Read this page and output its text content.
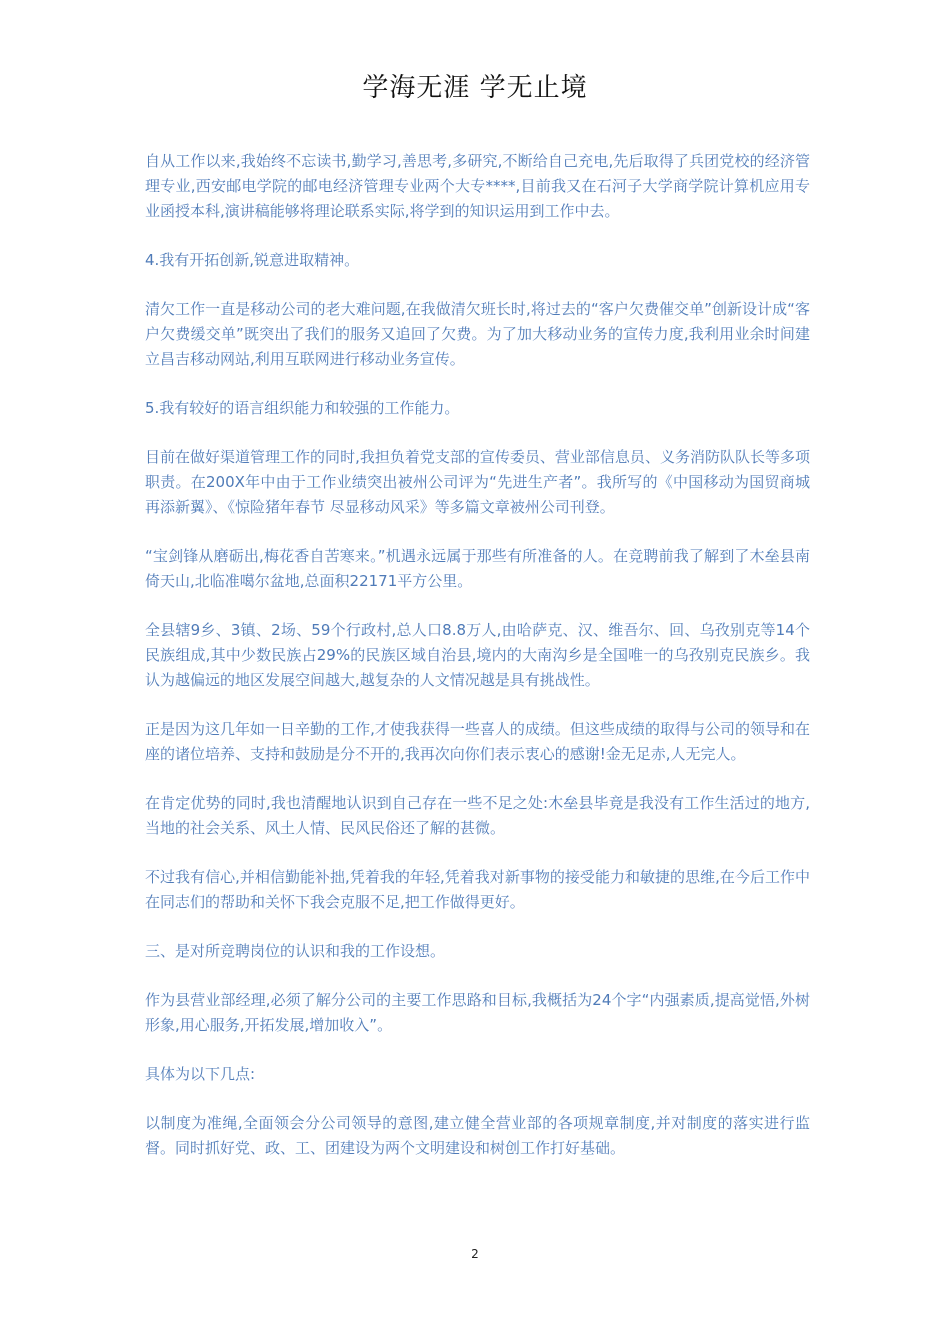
学海无涯 学无止境

自从工作以来,我始终不忘读书,勤学习,善思考,多研究,不断给自己充电,先后取得了兵团党校的经济管理专业,西安邮电学院的邮电经济管理专业两个大专****,目前我又在石河子大学商学院计算机应用专业函授本科,演讲稿能够将理论联系实际,将学到的知识运用到工作中去。

4.我有开拓创新,锐意进取精神。

清欠工作一直是移动公司的老大难问题,在我做清欠班长时,将过去的“客户欠费催交单”创新设计成“客户欠费缓交单”既突出了我们的服务又追回了欠费。为了加大移动业务的宣传力度,我利用业余时间建立昌吉移动网站,利用互联网进行移动业务宣传。

5.我有较好的语言组织能力和较强的工作能力。

目前在做好渠道管理工作的同时,我担负着党支部的宣传委员、营业部信息员、义务消防队队长等多项职责。在200X年中由于工作业绩突出被州公司评为“先进生产者”。我所写的《中国移动为国贸商城再添新翼》、《惊险猪年春节 尽显移动风采》等多篇文章被州公司刊登。

“宝剑锋从磨砺出,梅花香自苦寒来。”机遇永远属于那些有所准备的人。在竞聘前我了解到了木垒县南倚天山,北临准噶尔盆地,总面积22171平方公里。

全县辖9乡、3镇、2场、59个行政村,总人口8.8万人,由哈萨克、汉、维吾尔、回、乌孜别克等14个民族组成,其中少数民族占29%的民族区域自治县,境内的大南沟乡是全国唯一的乌孜别克民族乡。我认为越偏远的地区发展空间越大,越复杂的人文情况越是具有挑战性。

正是因为这几年如一日辛勤的工作,才使我获得一些喜人的成绩。但这些成绩的取得与公司的领导和在座的诸位培养、支持和鼓励是分不开的,我再次向你们表示衷心的感谢!金无足赤,人无完人。

在肯定优势的同时,我也清醒地认识到自己存在一些不足之处:木垒县毕竟是我没有工作生活过的地方,当地的社会关系、风土人情、民风民俗还了解的甚微。

不过我有信心,并相信勤能补拙,凭着我的年轻,凭着我对新事物的接受能力和敏捷的思维,在今后工作中在同志们的帮助和关怀下我会克服不足,把工作做得更好。

三、是对所竞聘岗位的认识和我的工作设想。

作为县营业部经理,必须了解分公司的主要工作思路和目标,我概括为24个字“内强素质,提高觉悟,外树形象,用心服务,开拓发展,增加收入”。

具体为以下几点:

以制度为准绳,全面领会分公司领导的意图,建立健全营业部的各项规章制度,并对制度的落实进行监督。同时抓好党、政、工、团建设为两个文明建设和树创工作打好基础。

2
